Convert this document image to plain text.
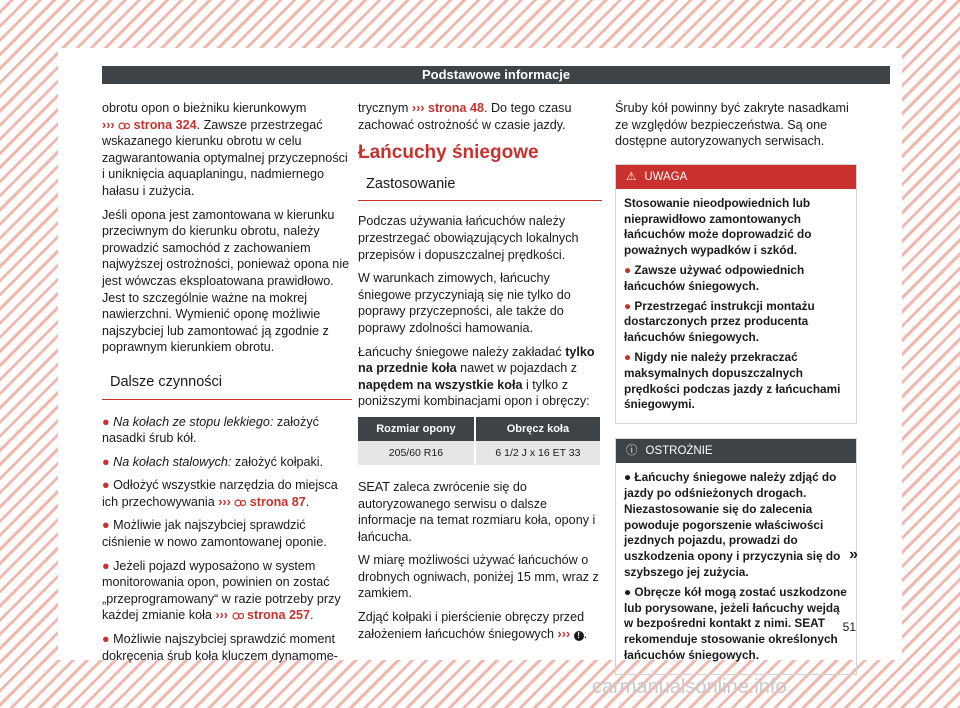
Podstawowe informacje

obrotu opon o bieżniku kierunkowym
›››  strona 324. Zawsze przestrzegać wskazanego kierunku obrotu w celu zagwarantowania optymalnej przyczepności i uniknięcia aquaplaningu, nadmiernego hałasu i zużycia.

Jeśli opona jest zamontowana w kierunku przeciwnym do kierunku obrotu, należy prowadzić samochód z zachowaniem najwyższej ostrożności, ponieważ opona nie jest wówczas eksploatowana prawidłowo. Jest to szczególnie ważne na mokrej nawierzchni. Wymienić oponę możliwie najszybciej lub zamontować ją zgodnie z poprawnym kierunkiem obrotu.

Dalsze czynności

● Na kołach ze stopu lekkiego: założyć nasadki śrub kół.

● Na kołach stalowych: założyć kołpaki.

● Odłożyć wszystkie narzędzia do miejsca ich przechowywania ›››  strona 87.

● Możliwie jak najszybciej sprawdzić ciśnienie w nowo zamontowanej oponie.

● Jeżeli pojazd wyposażono w system monitorowania opon, powinien on zostać „przeprogramowany“ w razie potrzeby przy każdej zmianie koła ›››  strona 257.

● Możliwie najszybciej sprawdzić moment dokręcenia śrub koła kluczem dynamome-

trycznym ››› strona 48. Do tego czasu zachować ostrożność w czasie jazdy.

Łańcuchy śniegowe
Zastosowanie

Podczas używania łańcuchów należy przestrzegać obowiązujących lokalnych przepisów i dopuszczalnej prędkości.

W warunkach zimowych, łańcuchy śniegowe przyczyniają się nie tylko do poprawy przyczepności, ale także do poprawy zdolności hamowania.

Łańcuchy śniegowe należy zakładać tylko na przednie koła nawet w pojazdach z napędem na wszystkie koła i tylko z poniższymi kombinacjami opon i obręczy:

Rozmiar opony	Obręcz koła
205/60 R16	6 1/2 J x 16 ET 33

SEAT zaleca zwrócenie się do autoryzowanego serwisu o dalsze informacje na temat rozmiaru koła, opony i łańcucha.

W miarę możliwości używać łańcuchów o drobnych ogniwach, poniżej 15 mm, wraz z zamkiem.

Zdjąć kołpaki i pierścienie obręczy przed założeniem łańcuchów śniegowych ››› ! .

Śruby kół powinny być zakryte nasadkami ze względów bezpieczeństwa. Są one dostępne autoryzowanych serwisach.

⚠ UWAGA

Stosowanie nieodpowiednich lub nieprawidłowo zamontowanych łańcuchów może doprowadzić do poważnych wypadków i szkód.

● Zawsze używać odpowiednich łańcuchów śniegowych.

● Przestrzegać instrukcji montażu dostarczonych przez producenta łańcuchów śniegowych.

● Nigdy nie należy przekraczać maksymalnych dopuszczalnych prędkości podczas jazdy z łańcuchami śniegowymi.

ⓘ OSTROŻNIE

● Łańcuchy śniegowe należy zdjąć do jazdy po odśnieżonych drogach. Niezastosowanie się do zalecenia powoduje pogorszenie właściwości jezdnych pojazdu, prowadzi do uszkodzenia opony i przyczynia się do szybszego jej zużycia.

● Obręcze kół mogą zostać uszkodzone lub porysowane, jeżeli łańcuchy wejdą w bezpośredni kontakt z nimi. SEAT rekomenduje stosowanie określonych łańcuchów śniegowych.

»
51
carmanualsonline.info
